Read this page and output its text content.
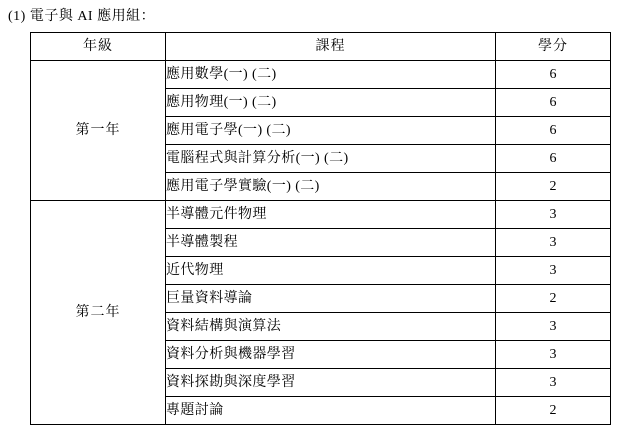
(1) 電子與 AI 應用組：
年級	課程	學分
第一年	應用數學(一) (二)	6
	應用物理(一) (二)	6
	應用電子學(一) (二)	6
	電腦程式與計算分析(一) (二)	6
	應用電子學實驗(一) (二)	2
第二年	半導體元件物理	3
	半導體製程	3
	近代物理	3
	巨量資料導論	2
	資料結構與演算法	3
	資料分析與機器學習	3
	資料探勘與深度學習	3
	專題討論	2
